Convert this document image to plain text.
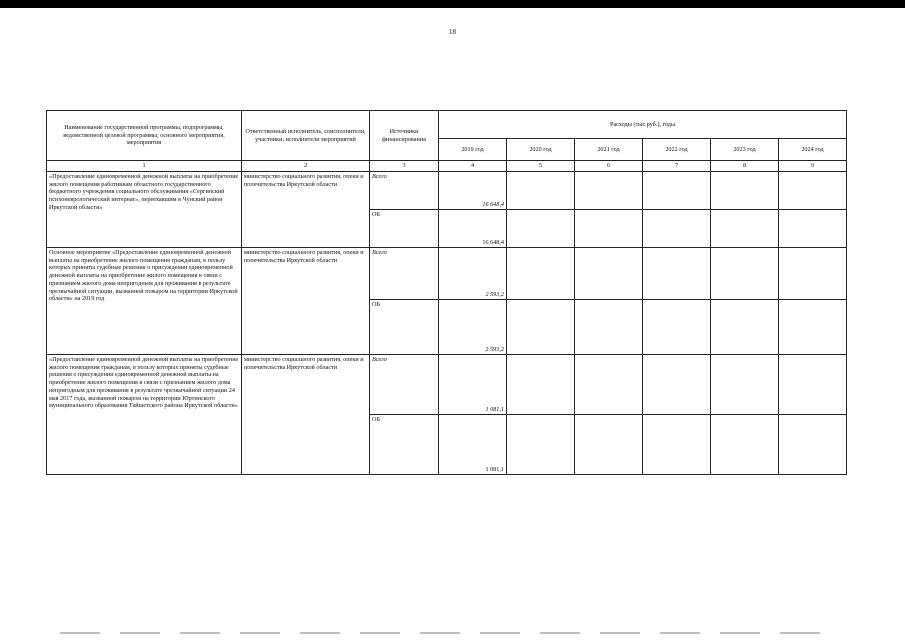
18
Наименование государственной программы, подпрограммы, ведомственной целевой программы, основного мероприятия, мероприятия	Ответственный исполнитель, соисполнители, участники, исполнители мероприятий	Источники финансирования	Расходы (тыс.руб.), годы					
			2019 год	2020 год	2021 год	2022 год	2023 год	2024 год
1	2	3	4	5	6	7	8	9
«Предоставление единовременной денежной выплаты на приобретение жилого помещения работникам областного государственного бюджетного учреждения социального обслуживания «Сергинский психоневрологический интернат», переехавшим в Чунский район Иркутской области»	министерство социального развития, опеки и попечительства Иркутской области	Всего	16 648,4					
		ОБ	16 648,4					
Основное мероприятие «Предоставление единовременной денежной выплаты на приобретение жилого помещения гражданам, в пользу которых приняты судебные решения о присуждении единовременной денежной выплаты на приобретение жилого помещения в связи с признанием жилого дома непригодным для проживания в результате чрезвычайной ситуации, вызванной пожаром на территории Иркутской области» на 2019 год	министерство социального развития, опеки и попечительства Иркутской области	Всего	2 593,2					
		ОБ	2 593,2					
«Предоставление единовременной денежной выплаты на приобретение жилого помещения гражданам, в пользу которых приняты судебные решения о присуждении единовременной денежной выплаты на приобретение жилого помещения в связи с признанием жилого дома непригодным для проживания в результате чрезвычайной ситуации 24 мая 2017 года, вызванной пожаром на территории Юртинского муниципального образования Тайшетского района Иркутской области»	министерство социального развития, опеки и попечительства Иркутской области	Всего	1 081,1					
		ОБ	1 081,1					
